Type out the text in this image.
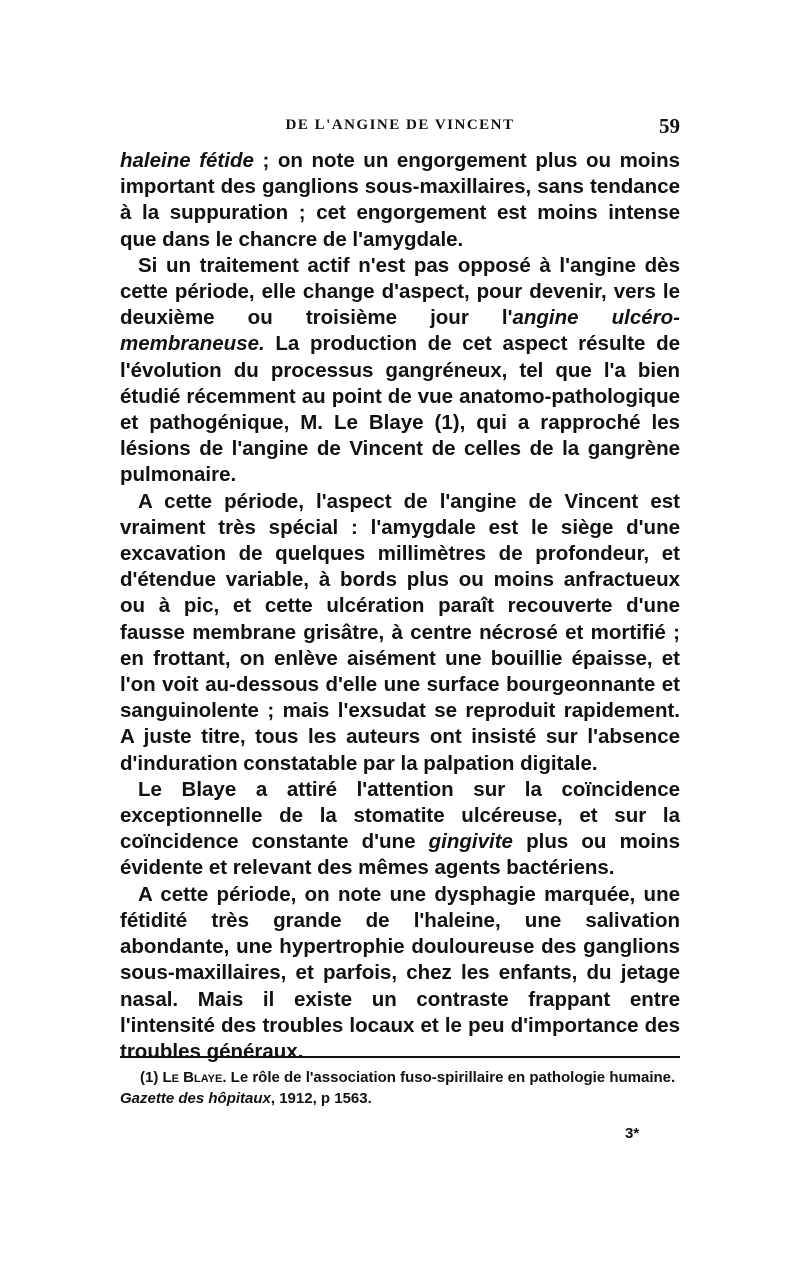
DE L'ANGINE DE VINCENT	59

haleine fétide ; on note un engorgement plus ou moins important des ganglions sous-maxillaires, sans tendance à la suppuration ; cet engorgement est moins intense que dans le chancre de l'amygdale.

Si un traitement actif n'est pas opposé à l'angine dès cette période, elle change d'aspect, pour devenir, vers le deuxième ou troisième jour l'angine ulcéro-membraneuse. La production de cet aspect résulte de l'évolution du processus gangréneux, tel que l'a bien étudié récemment au point de vue anatomo-pathologique et pathogénique, M. Le Blaye (1), qui a rapproché les lésions de l'angine de Vincent de celles de la gangrène pulmonaire.

A cette période, l'aspect de l'angine de Vincent est vraiment très spécial : l'amygdale est le siège d'une excavation de quelques millimètres de profondeur, et d'étendue variable, à bords plus ou moins anfractueux ou à pic, et cette ulcération paraît recouverte d'une fausse membrane grisâtre, à centre nécrosé et mortifié ; en frottant, on enlève aisément une bouillie épaisse, et l'on voit au-dessous d'elle une surface bourgeonnante et sanguinolente ; mais l'exsudat se reproduit rapidement. A juste titre, tous les auteurs ont insisté sur l'absence d'induration constatable par la palpation digitale.

Le Blaye a attiré l'attention sur la coïncidence exceptionnelle de la stomatite ulcéreuse, et sur la coïncidence constante d'une gingivite plus ou moins évidente et relevant des mêmes agents bactériens.

A cette période, on note une dysphagie marquée, une fétidité très grande de l'haleine, une salivation abondante, une hypertrophie douloureuse des ganglions sous-maxillaires, et parfois, chez les enfants, du jetage nasal. Mais il existe un contraste frappant entre l'intensité des troubles locaux et le peu d'importance des troubles généraux.

(1) Le Blaye. Le rôle de l'association fuso-spirillaire en pathologie humaine. Gazette des hôpitaux, 1912, p 1563.

3*
